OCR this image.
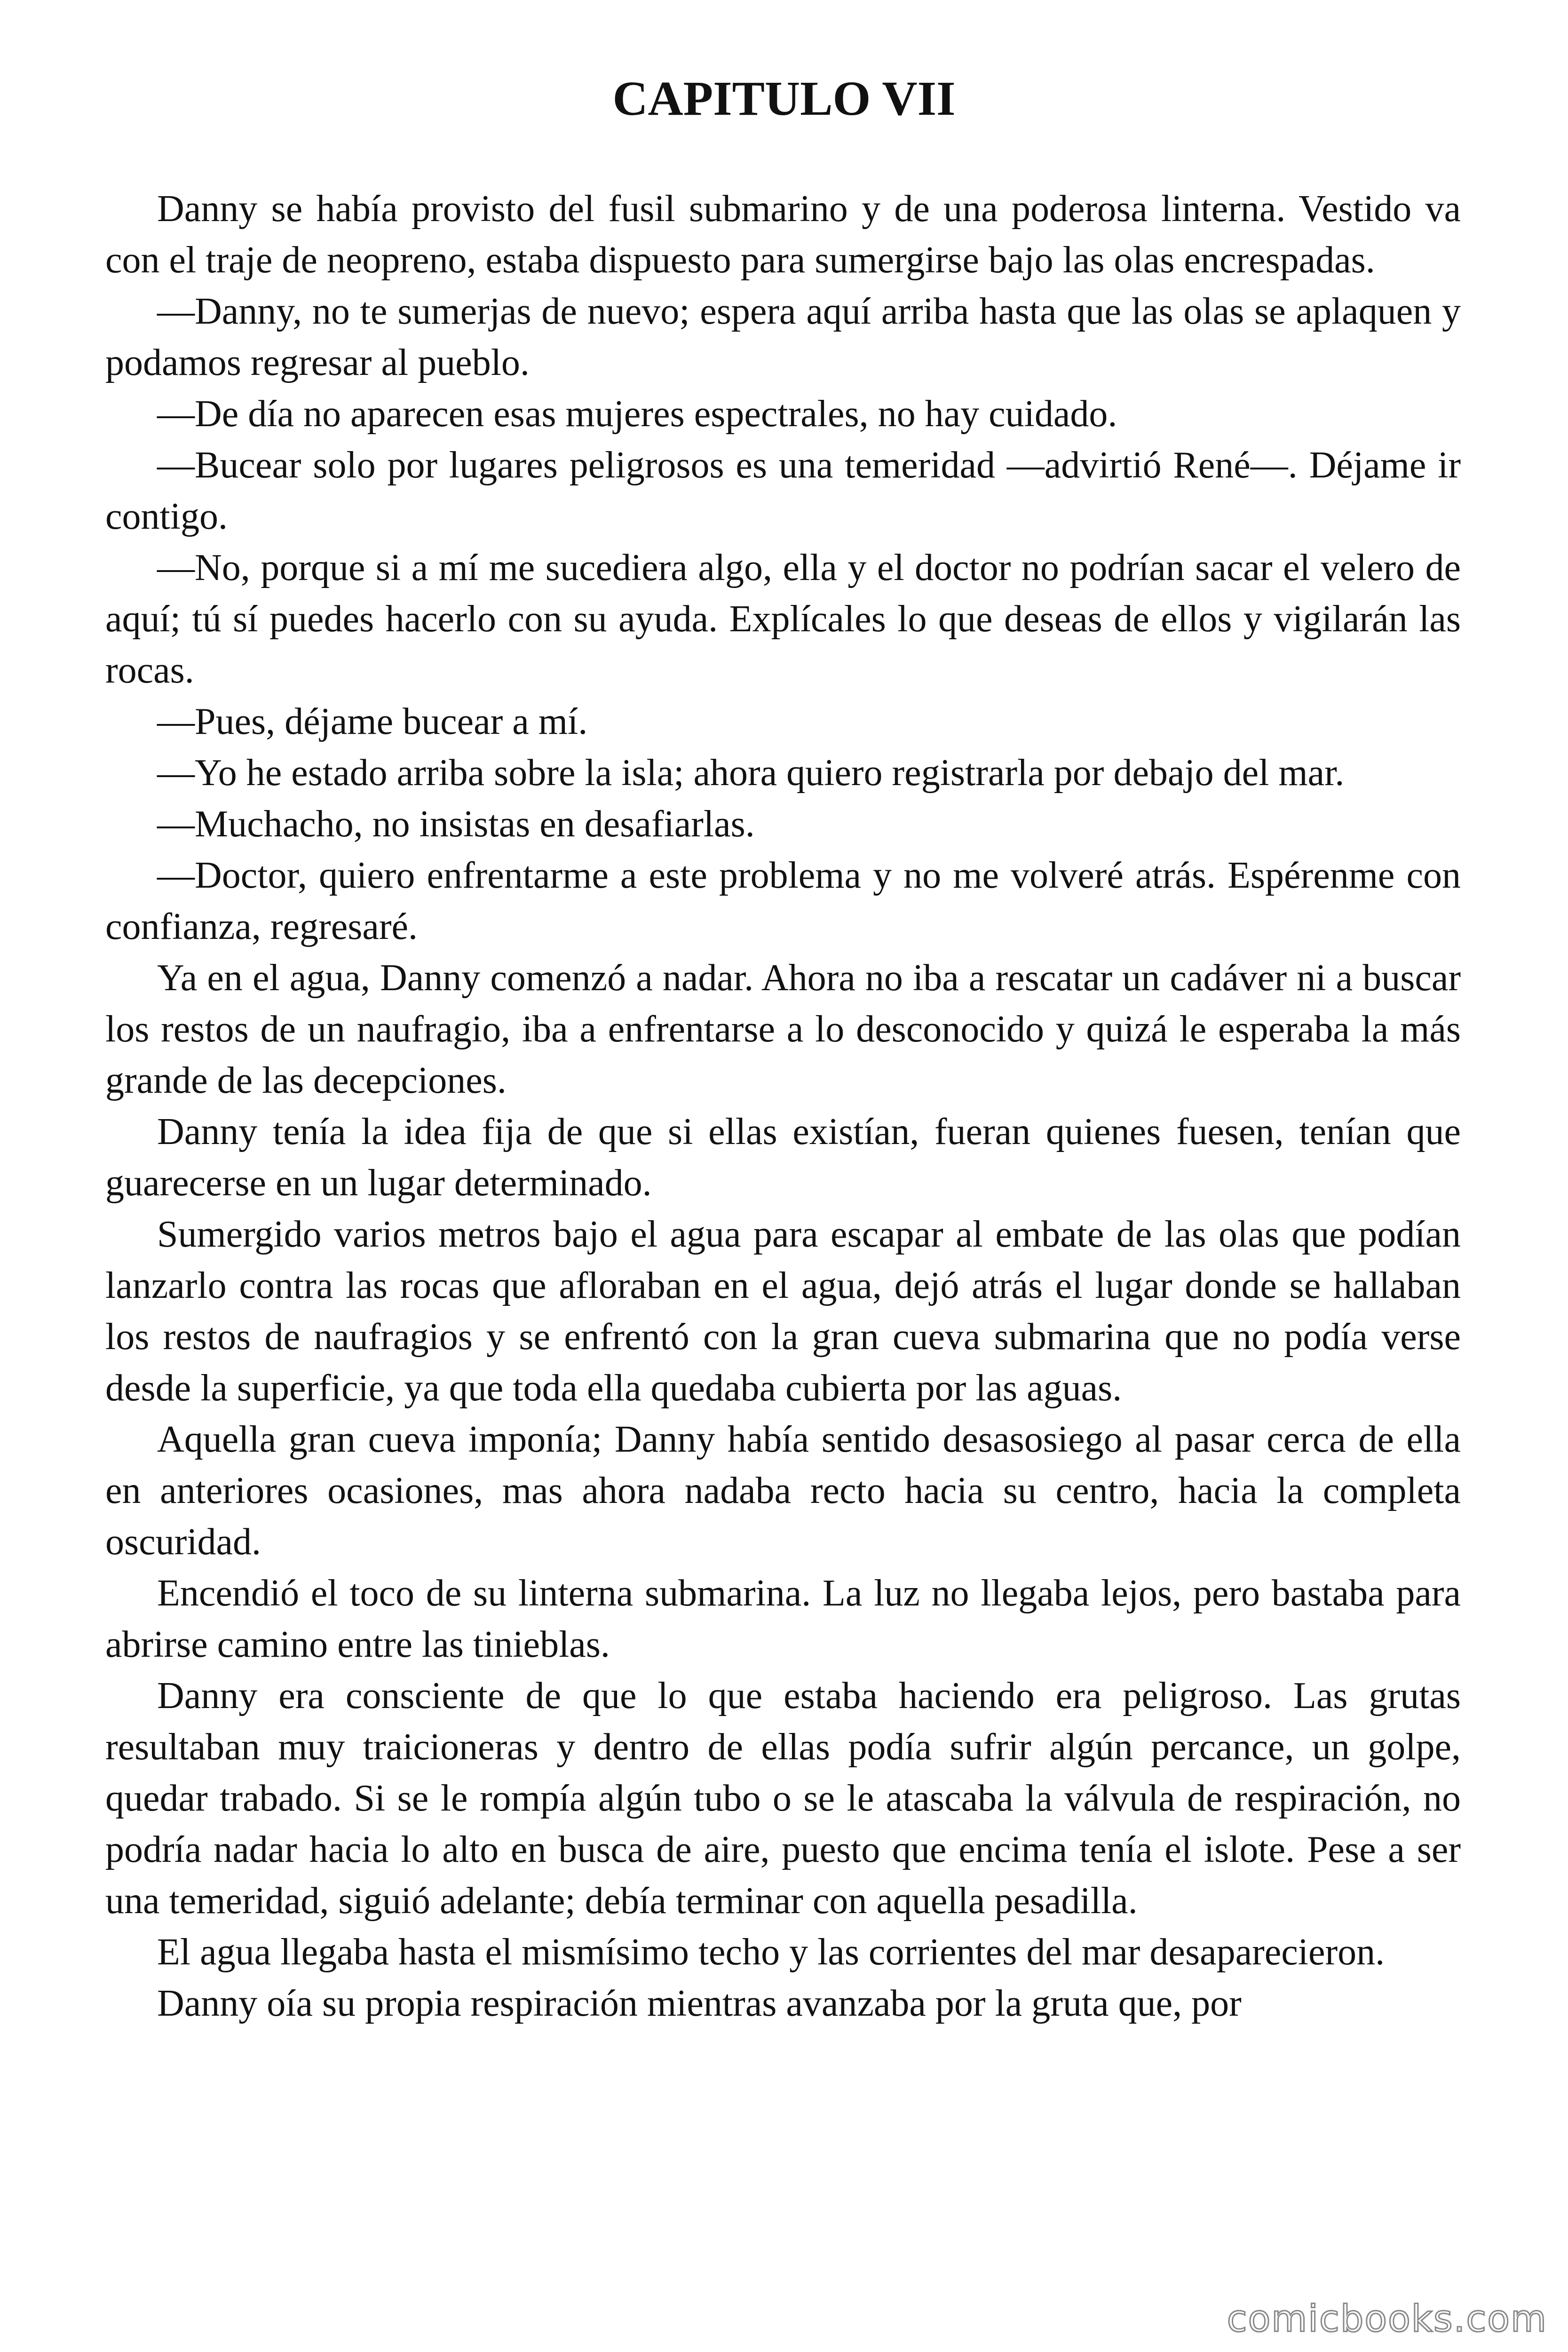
CAPITULO VII

Danny se había provisto del fusil submarino y de una poderosa linterna. Vestido va con el traje de neopreno, estaba dispuesto para sumergirse bajo las olas encrespadas.

—Danny, no te sumerjas de nuevo; espera aquí arriba hasta que las olas se aplaquen y podamos regresar al pueblo.

—De día no aparecen esas mujeres espectrales, no hay cuidado.

—Bucear solo por lugares peligrosos es una temeridad —advirtió René—. Déjame ir contigo.

—No, porque si a mí me sucediera algo, ella y el doctor no podrían sacar el velero de aquí; tú sí puedes hacerlo con su ayuda. Explícales lo que deseas de ellos y vigilarán las rocas.

—Pues, déjame bucear a mí.

—Yo he estado arriba sobre la isla; ahora quiero registrarla por debajo del mar.

—Muchacho, no insistas en desafiarlas.

—Doctor, quiero enfrentarme a este problema y no me volveré atrás. Espérenme con confianza, regresaré.

Ya en el agua, Danny comenzó a nadar. Ahora no iba a rescatar un cadáver ni a buscar los restos de un naufragio, iba a enfrentarse a lo desconocido y quizá le esperaba la más grande de las decepciones.

Danny tenía la idea fija de que si ellas existían, fueran quienes fuesen, tenían que guarecerse en un lugar determinado.

Sumergido varios metros bajo el agua para escapar al embate de las olas que podían lanzarlo contra las rocas que afloraban en el agua, dejó atrás el lugar donde se hallaban los restos de naufragios y se enfrentó con la gran cueva submarina que no podía verse desde la superficie, ya que toda ella quedaba cubierta por las aguas.

Aquella gran cueva imponía; Danny había sentido desasosiego al pasar cerca de ella en anteriores ocasiones, mas ahora nadaba recto hacia su centro, hacia la completa oscuridad.

Encendió el toco de su linterna submarina. La luz no llegaba lejos, pero bastaba para abrirse camino entre las tinieblas.

Danny era consciente de que lo que estaba haciendo era peligroso. Las grutas resultaban muy traicioneras y dentro de ellas podía sufrir algún percance, un golpe, quedar trabado. Si se le rompía algún tubo o se le atascaba la válvula de respiración, no podría nadar hacia lo alto en busca de aire, puesto que encima tenía el islote. Pese a ser una temeridad, siguió adelante; debía terminar con aquella pesadilla.

El agua llegaba hasta el mismísimo techo y las corrientes del mar desaparecieron.

Danny oía su propia respiración mientras avanzaba por la gruta que, por

comicbooks.com
